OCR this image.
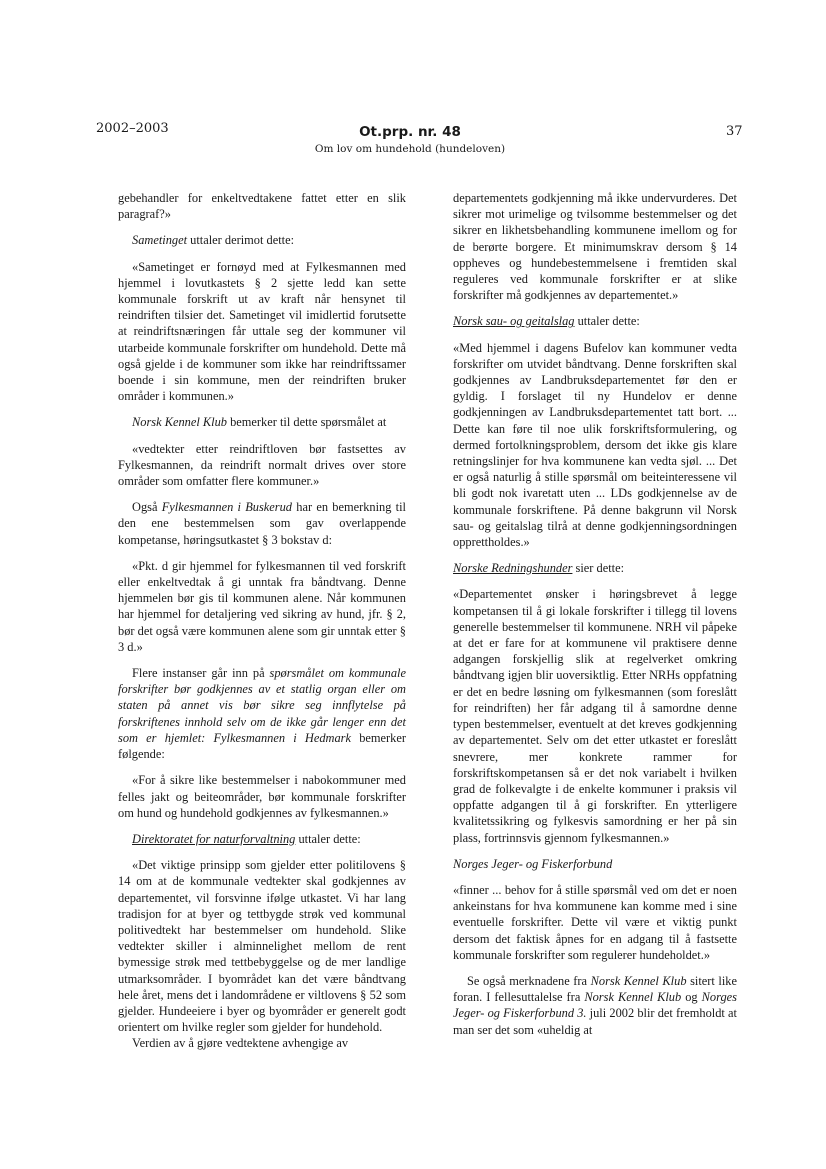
2002–2003	Ot.prp. nr. 48
Om lov om hundehold (hundeloven)
37

gebehandler for enkeltvedtakene fattet etter en slik paragraf?»

Sametinget uttaler derimot dette:

«Sametinget er fornøyd med at Fylkesmannen med hjemmel i lovutkastets § 2 sjette ledd kan sette kommunale forskrift ut av kraft når hensynet til reindriften tilsier det. Sametinget vil imidlertid forutsette at reindriftsnæringen får uttale seg der kommuner vil utarbeide kommunale forskrifter om hundehold. Dette må også gjelde i de kommuner som ikke har reindriftssamer boende i sin kommune, men der reindriften bruker områder i kommunen.»

Norsk Kennel Klub bemerker til dette spørsmålet at

«vedtekter etter reindriftloven bør fastsettes av Fylkesmannen, da reindrift normalt drives over store områder som omfatter flere kommuner.»

Også Fylkesmannen i Buskerud har en bemerkning til den ene bestemmelsen som gav overlappende kompetanse, høringsutkastet § 3 bokstav d:

«Pkt. d gir hjemmel for fylkesmannen til ved forskrift eller enkeltvedtak å gi unntak fra båndtvang. Denne hjemmelen bør gis til kommunen alene. Når kommunen har hjemmel for detaljering ved sikring av hund, jfr. § 2, bør det også være kommunen alene som gir unntak etter § 3 d.»

Flere instanser går inn på spørsmålet om kommunale forskrifter bør godkjennes av et statlig organ eller om staten på annet vis bør sikre seg innflytelse på forskriftenes innhold selv om de ikke går lenger enn det som er hjemlet: Fylkesmannen i Hedmark bemerker følgende:

«For å sikre like bestemmelser i nabokommuner med felles jakt og beiteområder, bør kommunale forskrifter om hund og hundehold godkjennes av fylkesmannen.»

Direktoratet for naturforvaltning uttaler dette:

«Det viktige prinsipp som gjelder etter politilovens § 14 om at de kommunale vedtekter skal godkjennes av departementet, vil forsvinne ifølge utkastet. Vi har lang tradisjon for at byer og tettbygde strøk ved kommunal politivedtekt har bestemmelser om hundehold. Slike vedtekter skiller i alminnelighet mellom de rent bymessige strøk med tettbebyggelse og de mer landlige utmarksområder. I byområdet kan det være båndtvang hele året, mens det i landområdene er viltlovens § 52 som gjelder. Hundeeiere i byer og byområder er generelt godt orientert om hvilke regler som gjelder for hundehold.

Verdien av å gjøre vedtektene avhengige av

departementets godkjenning må ikke undervurderes. Det sikrer mot urimelige og tvilsomme bestemmelser og det sikrer en likhetsbehandling kommunene imellom og for de berørte borgere. Et minimumskrav dersom § 14 oppheves og hundebestemmelsene i fremtiden skal reguleres ved kommunale forskrifter er at slike forskrifter må godkjennes av departementet.»

Norsk sau- og geitalslag uttaler dette:

«Med hjemmel i dagens Bufelov kan kommuner vedta forskrifter om utvidet båndtvang. Denne forskriften skal godkjennes av Landbruksdepartementet før den er gyldig. I forslaget til ny Hundelov er denne godkjenningen av Landbruksdepartementet tatt bort. ... Dette kan føre til noe ulik forskriftsformulering, og dermed fortolkningsproblem, dersom det ikke gis klare retningslinjer for hva kommunene kan vedta sjøl. ... Det er også naturlig å stille spørsmål om beiteinteressene vil bli godt nok ivaretatt uten ... LDs godkjennelse av de kommunale forskriftene. På denne bakgrunn vil Norsk sau- og geitalslag tilrå at denne godkjenningsordningen opprettholdes.»

Norske Redningshunder sier dette:

«Departementet ønsker i høringsbrevet å legge kompetansen til å gi lokale forskrifter i tillegg til lovens generelle bestemmelser til kommunene. NRH vil påpeke at det er fare for at kommunene vil praktisere denne adgangen forskjellig slik at regelverket omkring båndtvang igjen blir uoversiktlig. Etter NRHs oppfatning er det en bedre løsning om fylkesmannen (som foreslått for reindriften) her får adgang til å samordne denne typen bestemmelser, eventuelt at det kreves godkjenning av departementet. Selv om det etter utkastet er foreslått snevrere, mer konkrete rammer for forskriftskompetansen så er det nok variabelt i hvilken grad de folkevalgte i de enkelte kommuner i praksis vil oppfatte adgangen til å gi forskrifter. En ytterligere kvalitetssikring og fylkesvis samordning er her på sin plass, fortrinnsvis gjennom fylkesmannen.»

Norges Jeger- og Fiskerforbund

«finner ... behov for å stille spørsmål ved om det er noen ankeinstans for hva kommunene kan komme med i sine eventuelle forskrifter. Dette vil være et viktig punkt dersom det faktisk åpnes for en adgang til å fastsette kommunale forskrifter som regulerer hundeholdet.»

Se også merknadene fra Norsk Kennel Klub sitert like foran. I fellesuttalelse fra Norsk Kennel Klub og Norges Jeger- og Fiskerforbund 3. juli 2002 blir det fremholdt at man ser det som «uheldig at
